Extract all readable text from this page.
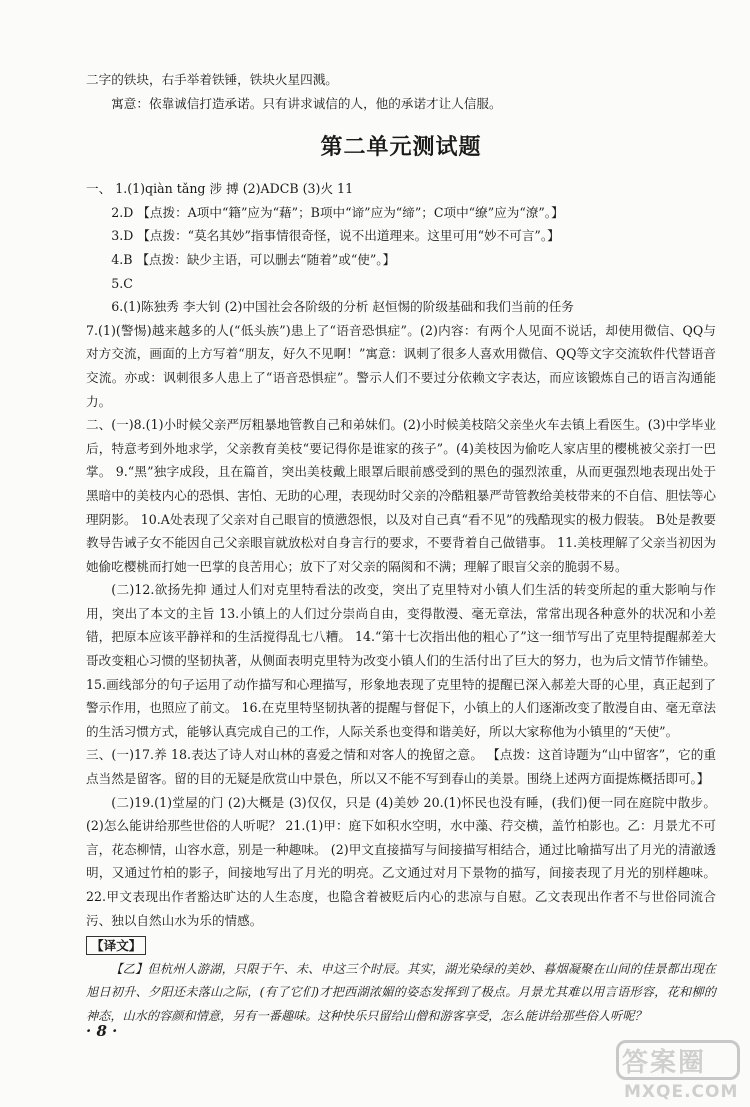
二字的铁块，右手举着铁锤，铁块火星四溅。

寓意：依靠诚信打造承诺。只有讲求诚信的人，他的承诺才让人信服。

第二单元测试题

一、 1.(1)qiàn tǎng 涉 搏 (2)ADCB (3)火 11

2.D 【点拨：A项中“籍”应为“藉”；B项中“谛”应为“缔”；C项中“缭”应为“潦”。】

3.D 【点拨：“莫名其妙”指事情很奇怪，说不出道理来。这里可用“妙不可言”。】

4.B 【点拨：缺少主语，可以删去“随着”或“使”。】

5.C

6.(1)陈独秀 李大钊 (2)中国社会各阶级的分析 赵恒惕的阶级基础和我们当前的任务

7.(1)(警惕)越来越多的人(“低头族”)患上了“语音恐惧症”。(2)内容：有两个人见面不说话，却使用微信、QQ与对方交流，画面的上方写着“朋友，好久不见啊！”寓意：讽刺了很多人喜欢用微信、QQ等文字交流软件代替语音交流。亦或：讽刺很多人患上了“语音恐惧症”。警示人们不要过分依赖文字表达，而应该锻炼自己的语言沟通能力。

二、(一)8.(1)小时候父亲严厉粗暴地管教自己和弟妹们。(2)小时候美枝陪父亲坐火车去镇上看医生。(3)中学毕业后，特意考到外地求学，父亲教育美枝“要记得你是谁家的孩子”。(4)美枝因为偷吃人家店里的樱桃被父亲打一巴掌。 9.“黑”独字成段，且在篇首，突出美枝戴上眼罩后眼前感受到的黑色的强烈浓重，从而更强烈地表现出处于黑暗中的美枝内心的恐惧、害怕、无助的心理，表现幼时父亲的冷酷粗暴严苛管教给美枝带来的不自信、胆怯等心理阴影。 10.A处表现了父亲对自己眼盲的愤懑怨恨，以及对自己真“看不见”的残酷现实的极力假装。 B处是教要教导告诫子女不能因自己父亲眼盲就放松对自身言行的要求，不要背着自己做错事。 11.美枝理解了父亲当初因为她偷吃樱桃而打她一巴掌的良苦用心；放下了对父亲的隔阂和不满；理解了眼盲父亲的脆弱不易。

(二)12.欲扬先抑 通过人们对克里特看法的改变，突出了克里特对小镇人们生活的转变所起的重大影响与作用，突出了本文的主旨 13.小镇上的人们过分崇尚自由，变得散漫、毫无章法，常常出现各种意外的状况和小差错，把原本应该平静祥和的生活搅得乱七八糟。 14.“第十七次指出他的粗心了”这一细节写出了克里特提醒郝差大哥改变粗心习惯的坚韧执著，从侧面表明克里特为改变小镇人们的生活付出了巨大的努力，也为后文情节作铺垫。 15.画线部分的句子运用了动作描写和心理描写，形象地表现了克里特的提醒已深入郝差大哥的心里，真正起到了警示作用，也照应了前文。 16.在克里特坚韧执著的提醒与督促下，小镇上的人们逐渐改变了散漫自由、毫无章法的生活习惯方式，能够认真完成自己的工作，人际关系也变得和谐美好，所以大家称他为小镇里的“天使”。

三、(一)17.养 18.表达了诗人对山林的喜爱之情和对客人的挽留之意。 【点拨：这首诗题为“山中留客”，它的重点当然是留客。留的目的无疑是欣赏山中景色，所以又不能不写到春山的美景。围绕上述两方面提炼概括即可。】

(二)19.(1)堂屋的门 (2)大概是 (3)仅仅，只是 (4)美妙 20.(1)怀民也没有睡，(我们)便一同在庭院中散步。 (2)怎么能讲给那些世俗的人听呢？ 21.(1)甲：庭下如积水空明，水中藻、荇交横，盖竹柏影也。乙：月景尤不可言，花态柳情，山容水意，别是一种趣味。 (2)甲文直接描写与间接描写相结合，通过比喻描写出了月光的清澈透明，又通过竹柏的影子，间接地写出了月光的明亮。乙文通过对月下景物的描写，间接表现了月光的别样趣味。 22.甲文表现出作者豁达旷达的人生态度，也隐含着被贬后内心的悲凉与自慰。乙文表现出作者不与世俗同流合污、独以自然山水为乐的情感。

【译文】

【乙】但杭州人游湖，只限于午、未、申这三个时辰。其实，湖光染绿的美妙、暮烟凝聚在山间的佳景都出现在旭日初升、夕阳还未落山之际，(有了它们)才把西湖浓媚的姿态发挥到了极点。月景尤其难以用言语形容，花和柳的神态，山水的容颜和情意，另有一番趣味。这种快乐只留给山僧和游客享受，怎么能讲给那些俗人听呢？

· 8 ·
答案圈
MXQE.COM
